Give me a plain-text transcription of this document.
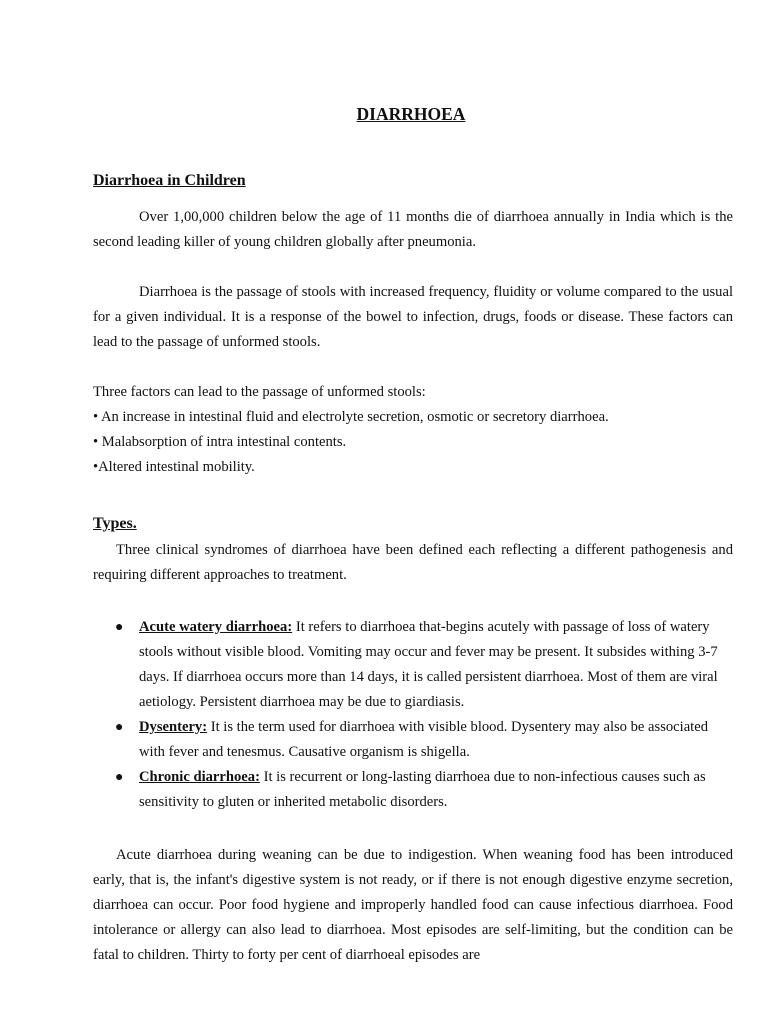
DIARRHOEA
Diarrhoea in Children

Over 1,00,000 children below the age of 11 months die of diarrhoea annually in India which is the second leading killer of young children globally after pneumonia.

Diarrhoea is the passage of stools with increased frequency, fluidity or volume compared to the usual for a given individual. It is a response of the bowel to infection, drugs, foods or disease. These factors can lead to the passage of unformed stools.

Three factors can lead to the passage of unformed stools:
• An increase in intestinal fluid and electrolyte secretion, osmotic or secretory diarrhoea.
• Malabsorption of intra intestinal contents.
•Altered intestinal mobility.
Types.

Three clinical syndromes of diarrhoea have been defined each reflecting a different pathogenesis and requiring different approaches to treatment.

● Acute watery diarrhoea: It refers to diarrhoea that-begins acutely with passage of loss of watery stools without visible blood. Vomiting may occur and fever may be present. It subsides withing 3-7 days. If diarrhoea occurs more than 14 days, it is called persistent diarrhoea. Most of them are viral aetiology. Persistent diarrhoea may be due to giardiasis.
● Dysentery: It is the term used for diarrhoea with visible blood. Dysentery may also be associated with fever and tenesmus. Causative organism is shigella.
● Chronic diarrhoea: It is recurrent or long-lasting diarrhoea due to non-infectious causes such as sensitivity to gluten or inherited metabolic disorders.

Acute diarrhoea during weaning can be due to indigestion. When weaning food has been introduced early, that is, the infant's digestive system is not ready, or if there is not enough digestive enzyme secretion, diarrhoea can occur. Poor food hygiene and improperly handled food can cause infectious diarrhoea. Food intolerance or allergy can also lead to diarrhoea. Most episodes are self-limiting, but the condition can be fatal to children. Thirty to forty per cent of diarrhoeal episodes are
